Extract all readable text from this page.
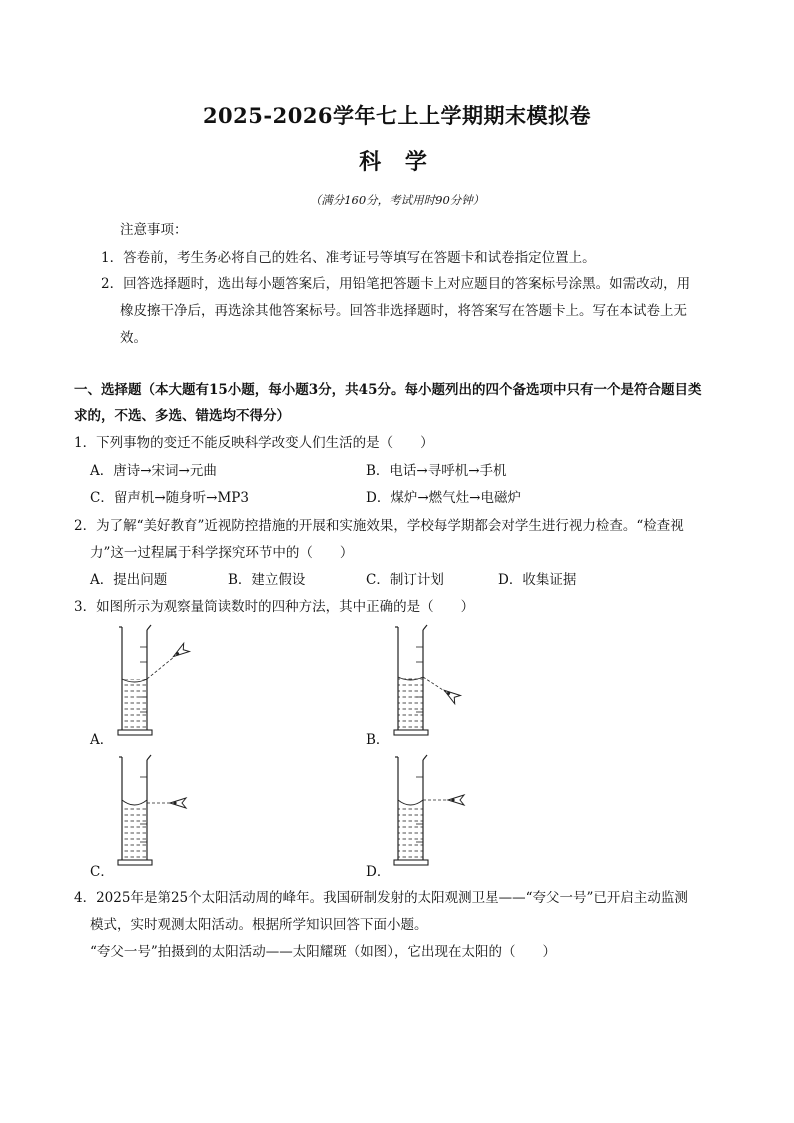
2025-2026学年七上上学期期末模拟卷
科 学
（满分160分，考试用时90分钟）
注意事项：
1．答卷前，考生务必将自己的姓名、准考证号等填写在答题卡和试卷指定位置上。
2．回答选择题时，选出每小题答案后，用铅笔把答题卡上对应题目的答案标号涂黑。如需改动，用
橡皮擦干净后，再选涂其他答案标号。回答非选择题时，将答案写在答题卡上。写在本试卷上无
效。
一、选择题（本大题有15小题，每小题3分，共45分。每小题列出的四个备选项中只有一个是符合题目类
求的，不选、多选、错选均不得分）
1．下列事物的变迁不能反映科学改变人们生活的是（　　）
A．唐诗→宋词→元曲	B．电话→寻呼机→手机
C．留声机→随身听→MP3	D．煤炉→燃气灶→电磁炉
2．为了解“美好教育”近视防控措施的开展和实施效果，学校每学期都会对学生进行视力检查。“检查视
力”这一过程属于科学探究环节中的（　　）
A．提出问题	B．建立假设	C．制订计划	D．收集证据
3．如图所示为观察量筒读数时的四种方法，其中正确的是（　　）
A．	B．
C．	D．
4．2025年是第25个太阳活动周的峰年。我国研制发射的太阳观测卫星——“夸父一号”已开启主动监测
模式，实时观测太阳活动。根据所学知识回答下面小题。
“夸父一号”拍摄到的太阳活动——太阳耀斑（如图），它出现在太阳的（　　）
